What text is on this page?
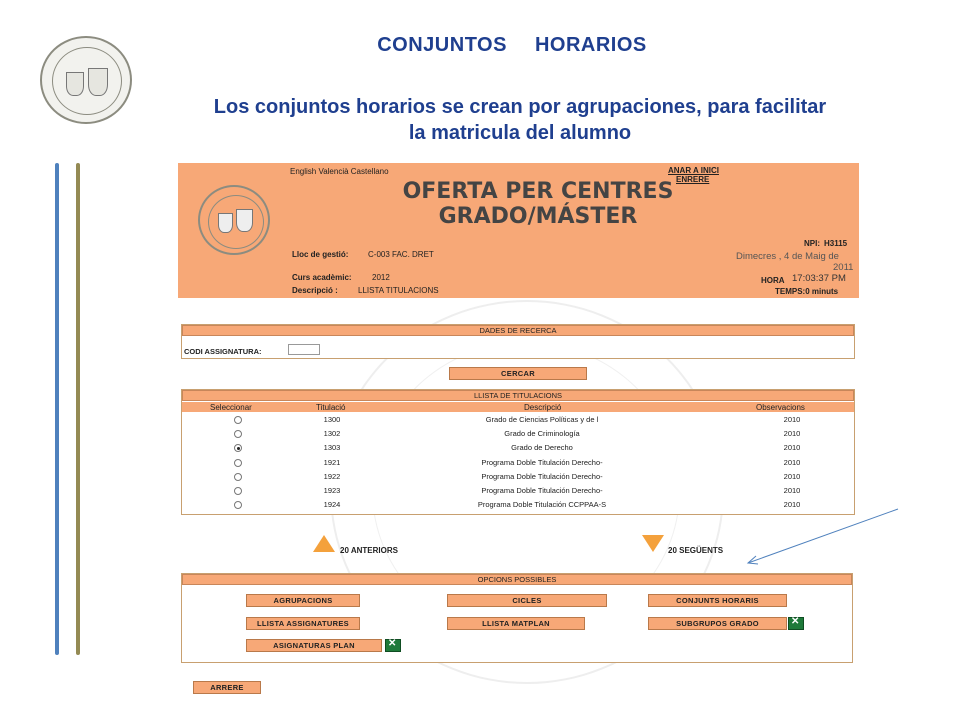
CONJUNTOS HORARIOS
Los conjuntos horarios se crean por agrupaciones, para facilitar
la matricula del alumno
English Valencià Castellano	ANAR A INICI
ENRERE
OFERTA PER CENTRES
GRADO/MÁSTER
NPI: H3115
Dimecres , 4 de Maig de
2011
HORA 17:03:37 PM
TEMPS:0 minuts
Lloc de gestió: C-003 FAC. DRET
Curs acadèmic:	2012
Descripció :	LLISTA TITULACIONS
DADES DE RECERCA
CODI ASSIGNATURA:
CERCAR
LLISTA DE TITULACIONS
Seleccionar	Titulació	Descripció	Observacions
1300	Grado de Ciencias Políticas y de l	2010
1302	Grado de Criminología	2010
1303	Grado de Derecho	2010
1921	Programa Doble Titulación Derecho-	2010
1922	Programa Doble Titulación Derecho-	2010
1923	Programa Doble Titulación Derecho-	2010
1924	Programa Doble Titulación CCPPAA-S	2010
20 ANTERIORS	20 SEGÜENTS
OPCIONS POSSIBLES
AGRUPACIONS	CICLES	CONJUNTS HORARIS
LLISTA ASSIGNATURES	LLISTA MATPLAN	SUBGRUPOS GRADO
✕
ASIGNATURAS PLAN
✕
ARRERE
